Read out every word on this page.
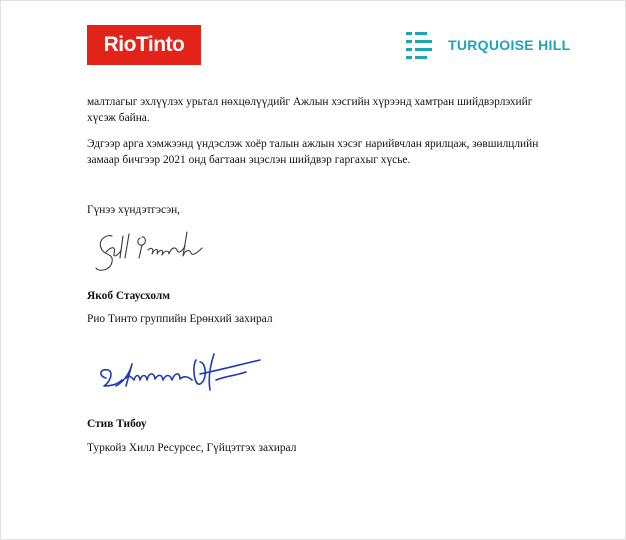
RioTinto	TURQUOISE HILL
малтлагыг эхлүүлэх урьтал нөхцөлүүдийг Ажлын хэсгийн хүрээнд хамтран шийдвэрлэхийг
хүсэж байна.
Эдгээр арга хэмжээнд үндэслэж хоёр талын ажлын хэсэг нарийвчлан ярилцаж, зөвшилцлийн
замаар бичгээр 2021 онд багтаан эцэслэн шийдвэр гаргахыг хүсье.
Гүнээ хүндэтгэсэн,
Якоб Стаусхолм
Рио Тинто группийн Ерөнхий захирал
Стив Тибоу
Туркойз Хилл Ресурсес, Гүйцэтгэх захирал
